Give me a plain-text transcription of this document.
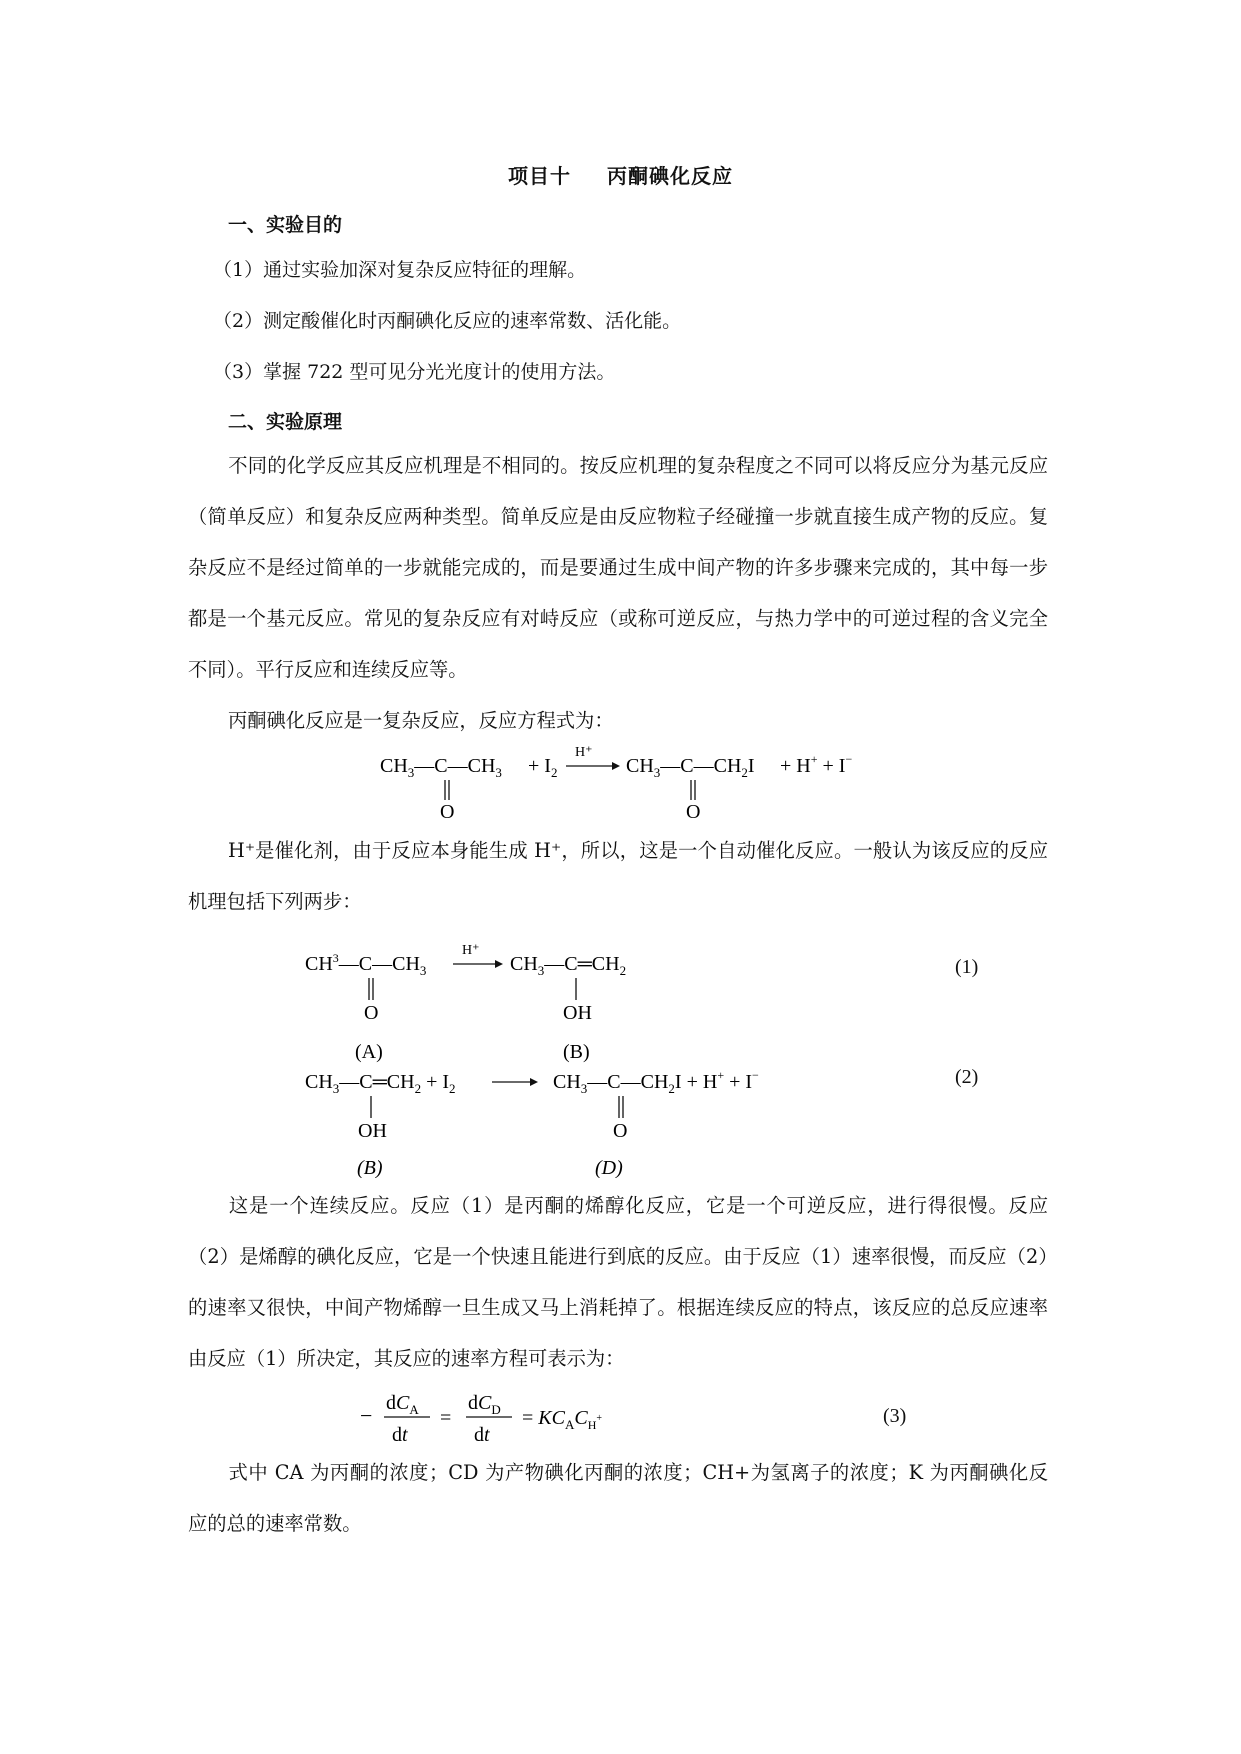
项目十 丙酮碘化反应
一、实验目的
（1）通过实验加深对复杂反应特征的理解。
（2）测定酸催化时丙酮碘化反应的速率常数、活化能。
（3）掌握 722 型可见分光光度计的使用方法。
二、实验原理
不同的化学反应其反应机理是不相同的。按反应机理的复杂程度之不同可以将反应分为基元反应（简单反应）和复杂反应两种类型。简单反应是由反应物粒子经碰撞一步就直接生成产物的反应。复杂反应不是经过简单的一步就能完成的，而是要通过生成中间产物的许多步骤来完成的，其中每一步都是一个基元反应。常见的复杂反应有对峙反应（或称可逆反应，与热力学中的可逆过程的含义完全不同）。平行反应和连续反应等。
丙酮碘化反应是一复杂反应，反应方程式为：
$CH_3—C—CH_3$
O
+ $I_2$
H⁺
$CH_3—C—CH_2I$
O
+ H+ + I−
H⁺是催化剂，由于反应本身能生成 H⁺，所以，这是一个自动催化反应。一般认为该反应的反应机理包括下列两步：
$CH^3—C—CH_3$
O
H⁺
$CH_3—C═CH_2$
OH
(A)	(B)
(1)
$CH_3—C═CH_2 + I_2$
OH
$CH_3—C—CH_2I + H^+ + I^-$
O
(B)	(D)
(2)
这是一个连续反应。反应（1）是丙酮的烯醇化反应，它是一个可逆反应，进行得很慢。反应（2）是烯醇的碘化反应，它是一个快速且能进行到底的反应。由于反应（1）速率很慢，而反应（2）的速率又很快，中间产物烯醇一旦生成又马上消耗掉了。根据连续反应的特点，该反应的总反应速率由反应（1）所决定，其反应的速率方程可表示为：
− $dC_A$
dt
=
$dC_D$
dt
= $KC_AC_H^+$	(3)
式中 CA 为丙酮的浓度；CD 为产物碘化丙酮的浓度；CH+为氢离子的浓度；K 为丙酮碘化反应的总的速率常数。
